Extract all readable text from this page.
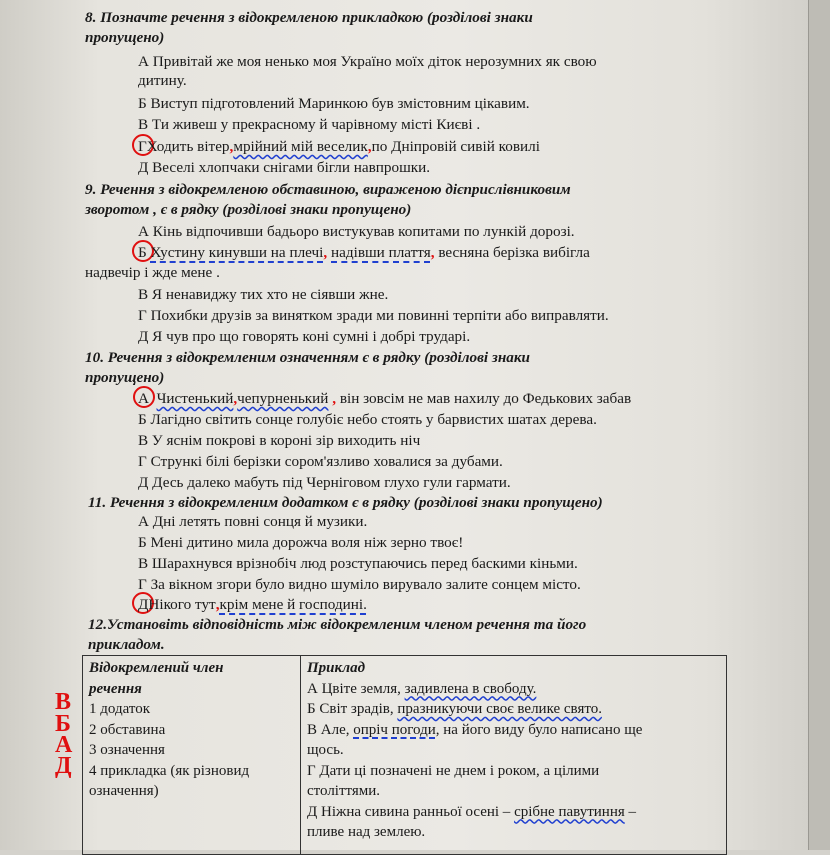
8. Позначте речення з відокремленою прикладкою (розділові знаки
пропущено)
А Привітай же моя ненько моя Україно моїх діток нерозумних як свою
дитину.
Б Виступ підготовлений Маринкою був змістовним цікавим.
В Ти живеш у прекрасному й чарівному місті Києві .
ГХодить вітер,мрійний мій веселик,по Дніпровій сивій ковилі
Д Веселі хлопчаки снігами бігли навпрошки.
9. Речення з відокремленою обставиною, вираженою дієприслівниковим
зворотом , є в рядку (розділові знаки пропущено)
А Кінь відпочивши бадьоро вистукував копитами по лункій дорозі.
Б Хустину кинувши на плечі, надівши плаття, весняна берізка вибігла
надвечір і жде мене .
В Я ненавиджу тих хто не сіявши жне.
Г Похибки друзів за винятком зради ми повинні терпіти або виправляти.
Д Я чув про що говорять коні сумні і добрі трударі.
10. Речення з відокремленим означенням є в рядку (розділові знаки
пропущено)
А Чистенький,чепурненький , він зовсім не мав нахилу до Федькових забав
Б Лагідно світить сонце голубіє небо стоять у барвистих шатах дерева.
В У яснім покрові в короні зір виходить ніч
Г Стрункі білі берізки сором'язливо ховалися за дубами.
Д Десь далеко мабуть під Черніговом глухо гули гармати.
11. Речення з відокремленим додатком є в рядку (розділові знаки пропущено)
А Дні летять повні сонця й музики.
Б Мені дитино мила дорожча воля ніж зерно твоє!
В Шарахнувся врізнобіч люд розступаючись перед баскими кіньми.
Г За вікном згори було видно шуміло вирувало залите сонцем місто.
ДНікого тут,крім мене й господині.
12.Установіть відповідність між відокремленим членом речення та його
прикладом.
Відокремлений член
речення
1 додаток
2 обставина
3 означення
4 прикладка (як різновид
означення)

Приклад
А Цвіте земля, задивлена в свободу.
Б Світ зрадів, празникуючи своє велике свято.
В Але, опріч погоди, на його виду було написано ще
щось.
Г Дати ці позначені не днем і роком, а цілими
століттями.
Д Ніжна сивина ранньої осені – срібне павутиння –
пливе над землею.
В
Б
А
Д
